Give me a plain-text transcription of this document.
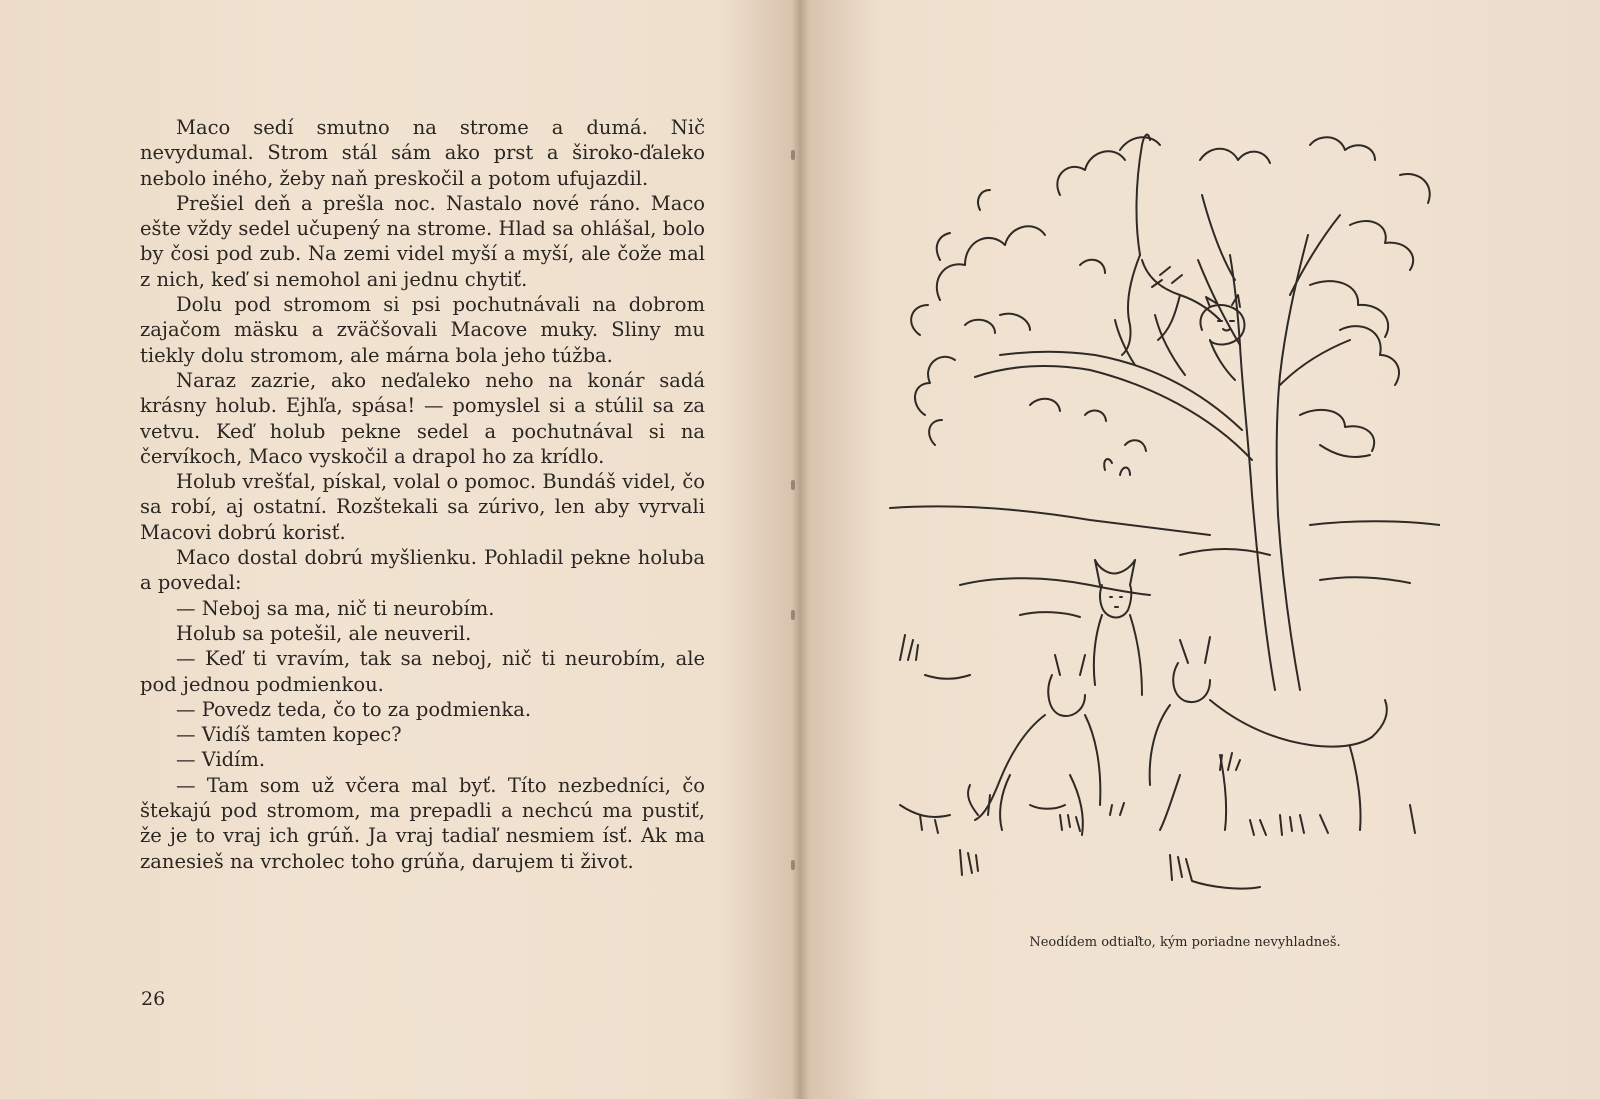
Maco sedí smutno na strome a dumá. Nič nevydumal. Strom stál sám ako prst a široko-ďaleko nebolo iného, žeby naň preskočil a potom ufujazdil.

Prešiel deň a prešla noc. Nastalo nové ráno. Maco ešte vždy sedel učupený na strome. Hlad sa ohlášal, bolo by čosi pod zub. Na zemi videl myší a myší, ale čože mal z nich, keď si nemohol ani jednu chytiť.

Dolu pod stromom si psi pochutnávali na dobrom zajačom mäsku a zväčšovali Macove muky. Sliny mu tiekly dolu stromom, ale márna bola jeho túžba.

Naraz zazrie, ako neďaleko neho na konár sadá krásny holub. Ejhľa, spása! — pomyslel si a stúlil sa za vetvu. Keď holub pekne sedel a pochutnával si na červíkoch, Maco vyskočil a drapol ho za krídlo.

Holub vrešťal, pískal, volal o pomoc. Bundáš videl, čo sa robí, aj ostatní. Rozštekali sa zúrivo, len aby vyrvali Macovi dobrú korisť.

Maco dostal dobrú myšlienku. Pohladil pekne holuba a povedal:

— Neboj sa ma, nič ti neurobím.

Holub sa potešil, ale neuveril.

— Keď ti vravím, tak sa neboj, nič ti neurobím, ale pod jednou podmienkou.

— Povedz teda, čo to za podmienka.

— Vidíš tamten kopec?

— Vidím.

— Tam som už včera mal byť. Títo nezbedníci, čo štekajú pod stromom, ma prepadli a nechcú ma pustiť, že je to vraj ich grúň. Ja vraj tadiaľ nesmiem ísť. Ak ma zanesieš na vrcholec toho grúňa, darujem ti život.

26
Neodídem odtiaľto, kým poriadne nevyhladneš.
